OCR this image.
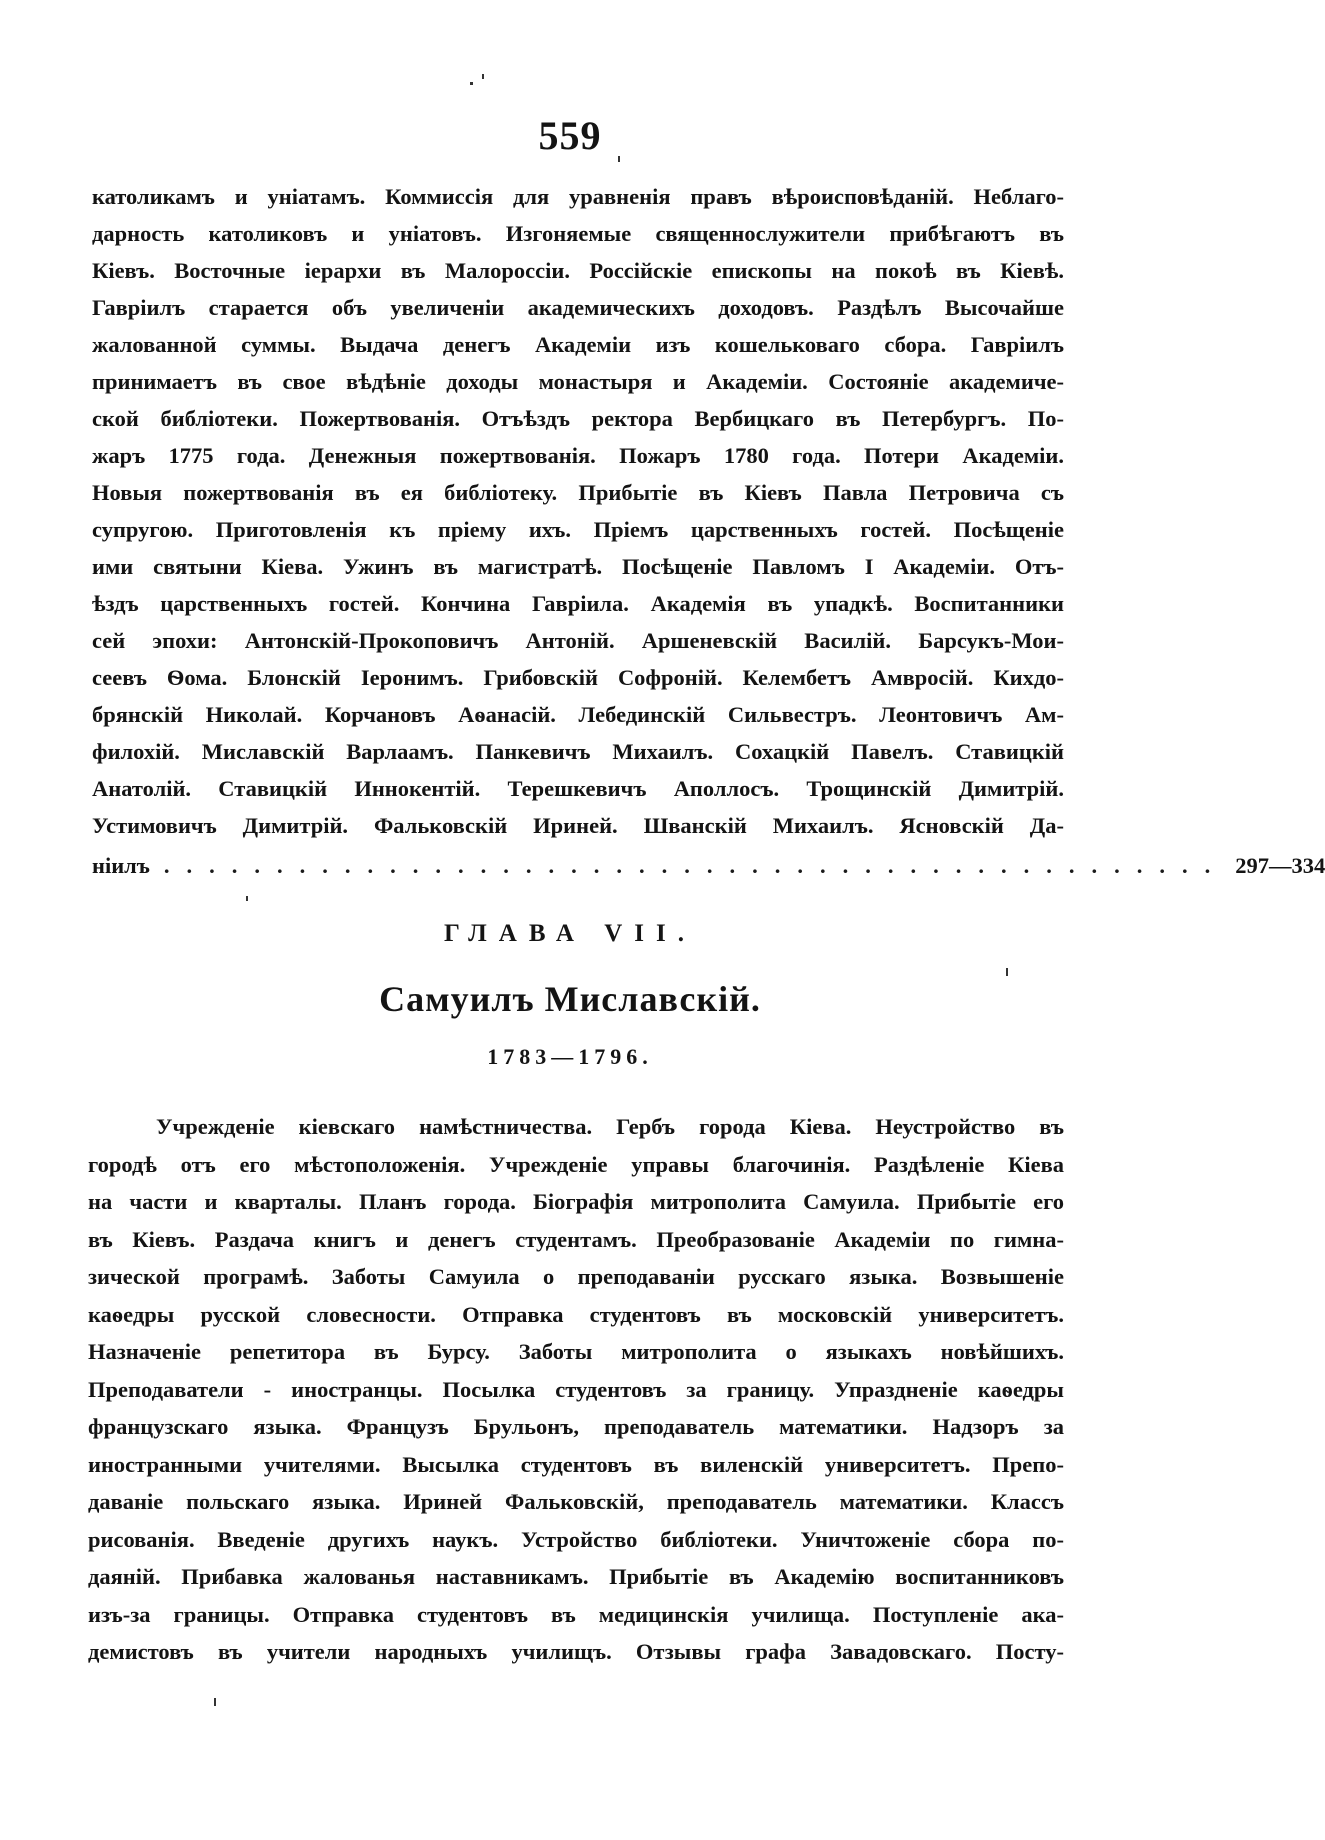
559

католикамъ и уніатамъ. Коммиссія для уравненія правъ вѣроисповѣданій. Неблаго-

дарность католиковъ и уніатовъ. Изгоняемые священнослужители прибѣгаютъ въ

Кіевъ. Восточные іерархи въ Малороссіи. Россійскіе епископы на покоѣ въ Кіевѣ.

Гавріилъ старается объ увеличеніи академическихъ доходовъ. Раздѣлъ Высочайше

жалованной суммы. Выдача денегъ Академіи изъ кошельковаго сбора. Гавріилъ

принимаетъ въ свое вѣдѣніе доходы монастыря и Академіи. Состояніе академиче-

ской библіотеки. Пожертвованія. Отъѣздъ ректора Вербицкаго въ Петербургъ. По-

жаръ 1775 года. Денежныя пожертвованія. Пожаръ 1780 года. Потери Академіи.

Новыя пожертвованія въ ея библіотеку. Прибытіе въ Кіевъ Павла Петровича съ

супругою. Приготовленія къ пріему ихъ. Пріемъ царственныхъ гостей. Посѣщеніе

ими святыни Кіева. Ужинъ въ магистратѣ. Посѣщеніе Павломъ I Академіи. Отъ-

ѣздъ царственныхъ гостей. Кончина Гавріила. Академія въ упадкѣ. Воспитанники

сей эпохи: Антонскій-Прокоповичъ Антоній. Аршеневскій Василій. Барсукъ-Мои-

сеевъ Ѳома. Блонскій Іеронимъ. Грибовскій Софроній. Келембетъ Амвросій. Кихдо-

брянскій Николай. Корчановъ Аѳанасій. Лебединскій Сильвестръ. Леонтовичъ Ам-

филохій. Миславскій Варлаамъ. Панкевичъ Михаилъ. Сохацкій Павелъ. Ставицкій

Анатолій. Ставицкій Иннокентій. Терешкевичъ Аполлосъ. Трощинскій Димитрій.

Устимовичъ Димитрій. Фальковскій Ириней. Шванскій Михаилъ. Ясновскій Да-

ніилъ ............................................... 297—334
ГЛАВА VII.
Самуилъ Миславскій.
1783—1796.
Учрежденіе кіевскаго намѣстничества. Гербъ города Кіева. Неустройство въ
городѣ отъ его мѣстоположенія. Учрежденіе управы благочинія. Раздѣленіе Кіева
на части и кварталы. Планъ города. Біографія митрополита Самуила. Прибытіе его
въ Кіевъ. Раздача книгъ и денегъ студентамъ. Преобразованіе Академіи по гимна-
зической програмѣ. Заботы Самуила о преподаваніи русскаго языка. Возвышеніе
каѳедры русской словесности. Отправка студентовъ въ московскій университетъ.
Назначеніе репетитора въ Бурсу. Заботы митрополита о языкахъ новѣйшихъ.
Преподаватели - иностранцы. Посылка студентовъ за границу. Упраздненіе каѳедры
французскаго языка. Французъ Брульонъ, преподаватель математики. Надзоръ за
иностранными учителями. Высылка студентовъ въ виленскій университетъ. Препо-
даваніе польскаго языка. Ириней Фальковскій, преподаватель математики. Классъ
рисованія. Введеніе другихъ наукъ. Устройство библіотеки. Уничтоженіе сбора по-
даяній. Прибавка жалованья наставникамъ. Прибытіе въ Академію воспитанниковъ
изъ-за границы. Отправка студентовъ въ медицинскія училища. Поступленіе ака-
демистовъ въ учители народныхъ училищъ. Отзывы графа Завадовскаго. Посту-
